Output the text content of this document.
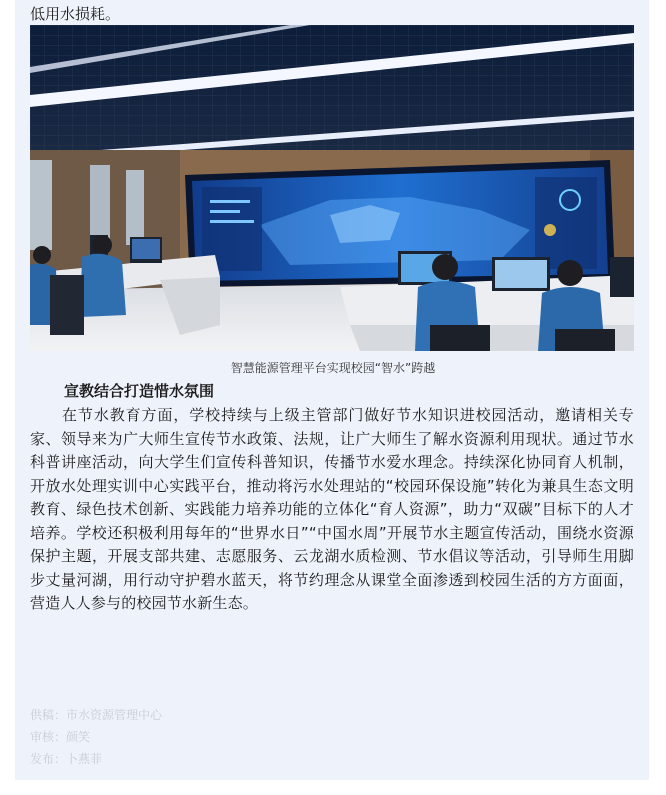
低用水损耗。
智慧能源管理平台实现校园“智水”跨越
宣教结合打造惜水氛围

在节水教育方面，学校持续与上级主管部门做好节水知识进校园活动，邀请相关专家、领导来为广大师生宣传节水政策、法规，让广大师生了解水资源利用现状。通过节水科普讲座活动，向大学生们宣传科普知识，传播节水爱水理念。持续深化协同育人机制，开放水处理实训中心实践平台，推动将污水处理站的“校园环保设施”转化为兼具生态文明教育、绿色技术创新、实践能力培养功能的立体化“育人资源”，助力“双碳”目标下的人才培养。学校还积极利用每年的“世界水日”“中国水周”开展节水主题宣传活动，围绕水资源保护主题，开展支部共建、志愿服务、云龙湖水质检测、节水倡议等活动，引导师生用脚步丈量河湖，用行动守护碧水蓝天，将节约理念从课堂全面渗透到校园生活的方方面面，营造人人参与的校园节水新生态。

供稿：市水资源管理中心
审核：颜笑
发布：卜燕菲
